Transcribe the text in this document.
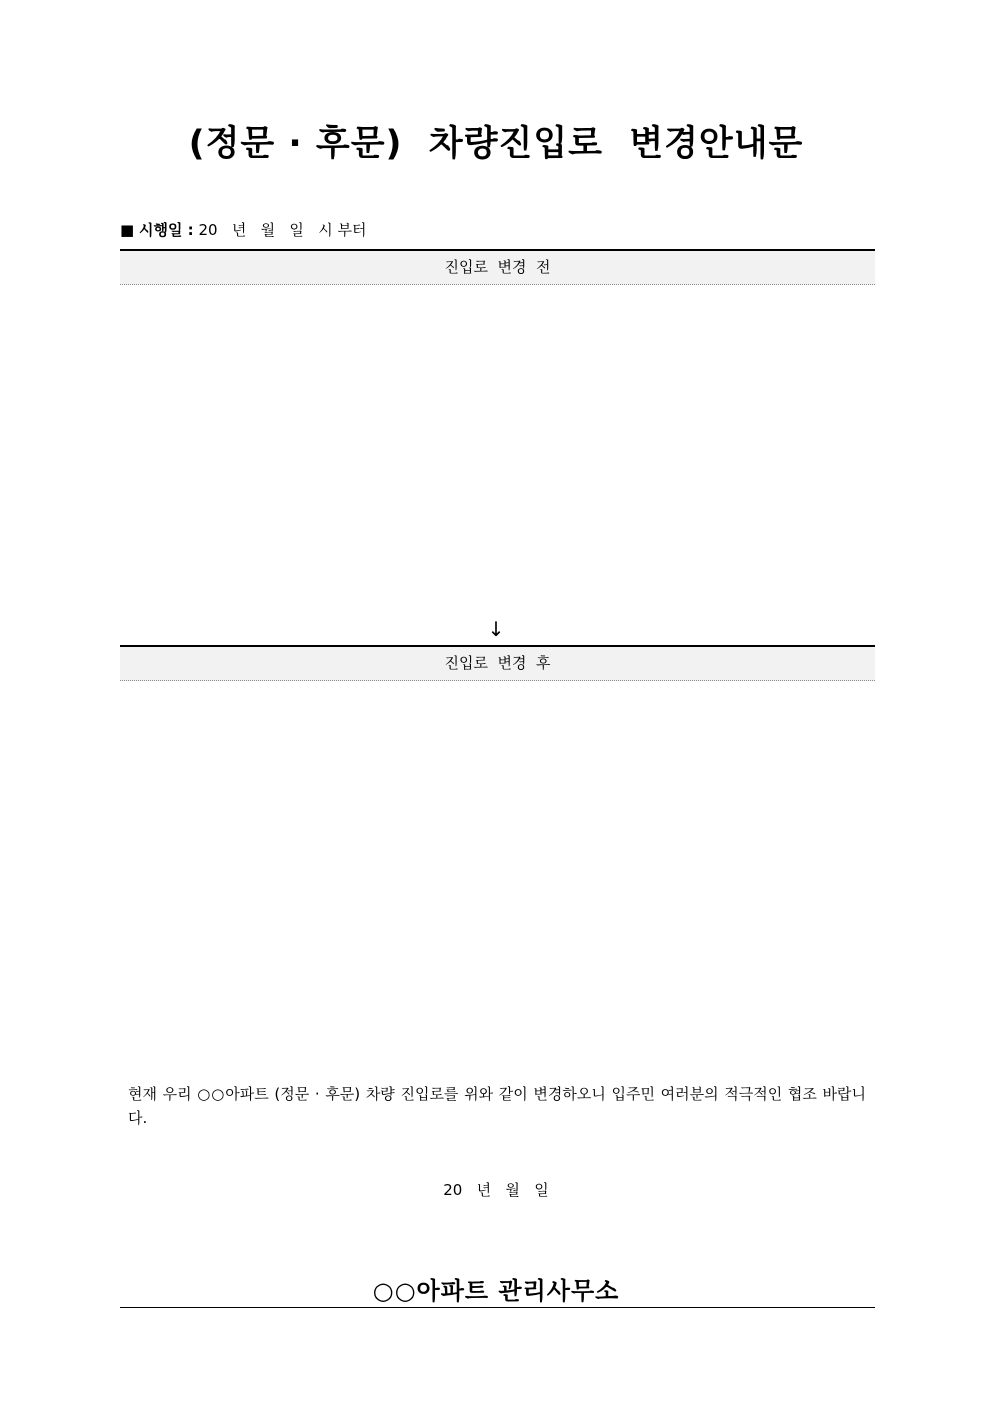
(정문 · 후문)  차량진입로  변경안내문
■ 시행일 : 20   년   월   일   시 부터
진입로  변경  전
↓
진입로  변경  후
현재 우리 ○○아파트 (정문 · 후문) 차량 진입로를 위와 같이 변경하오니 입주민 여러분의 적극적인 협조 바랍니다.
20   년   월   일
○○아파트 관리사무소
